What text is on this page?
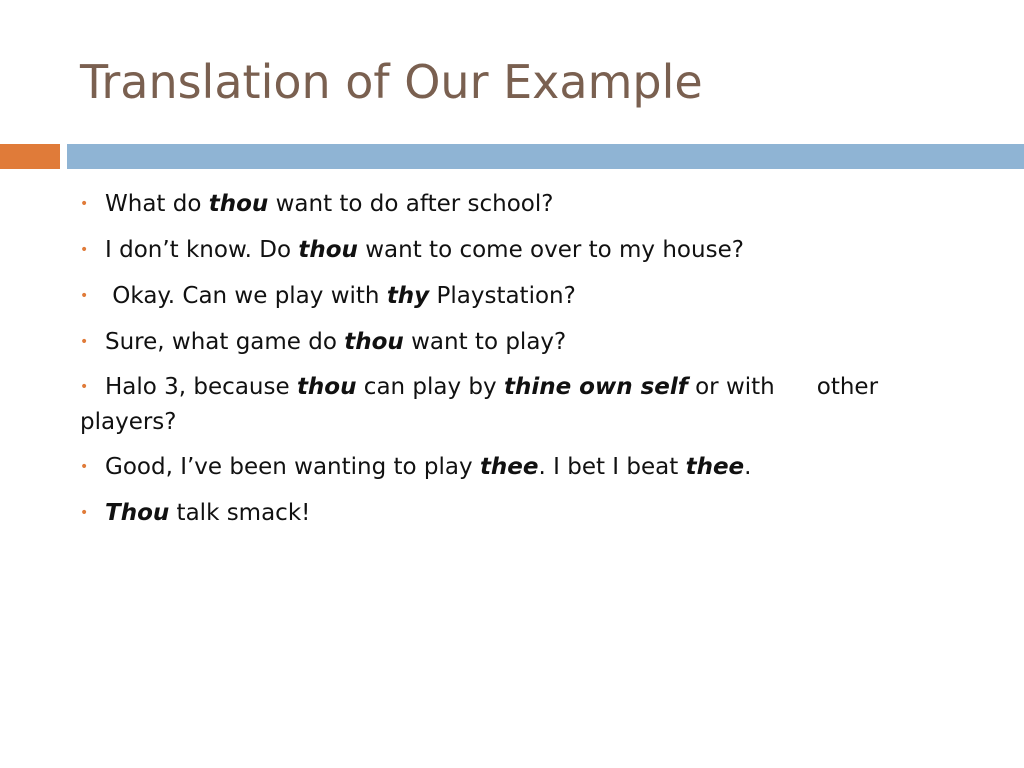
Translation of Our Example
• What do thou want to do after school?
• I don’t know. Do thou want to come over to my house?
• Okay. Can we play with thy Playstation?
• Sure, what game do thou want to play?
• Halo 3, because thou can play by thine own self or with other players?
• Good, I’ve been wanting to play thee. I bet I beat thee.
• Thou talk smack!
